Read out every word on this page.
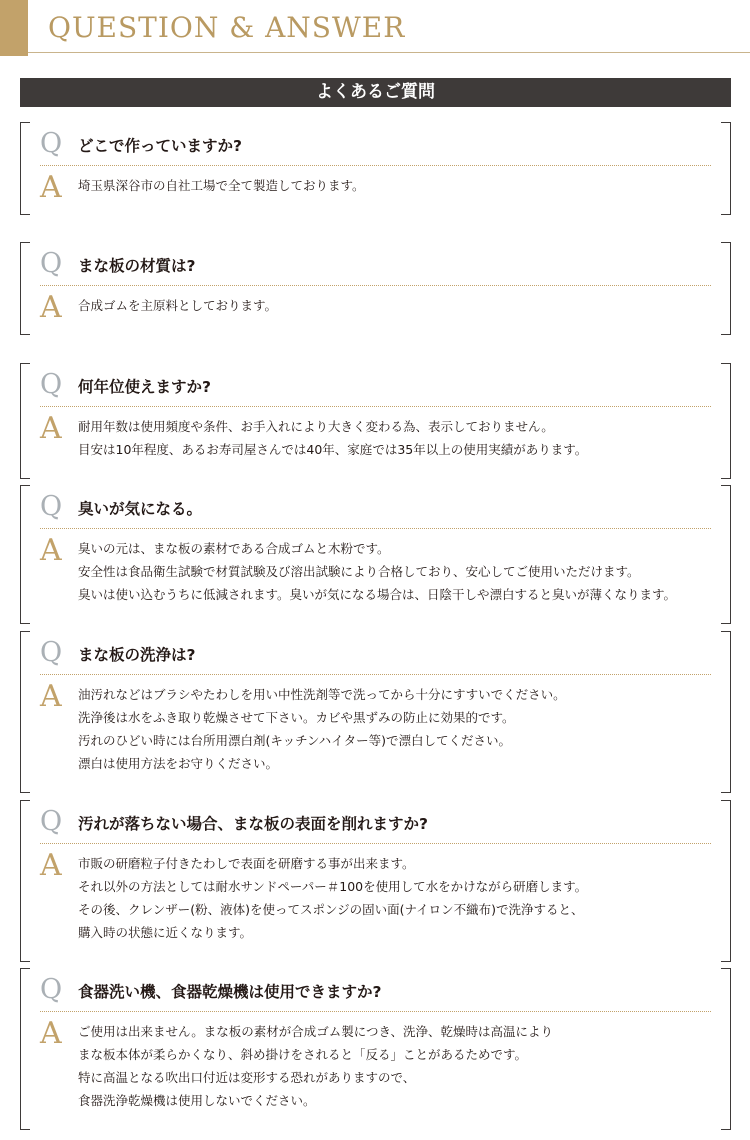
QUESTION & ANSWER
よくあるご質問
Q どこで作っていますか?
A 埼玉県深谷市の自社工場で全て製造しております。
Q まな板の材質は?
A 合成ゴムを主原料としております。
Q 何年位使えますか?
A 耐用年数は使用頻度や条件、お手入れにより大きく変わる為、表示しておりません。
目安は10年程度、あるお寿司屋さんでは40年、家庭では35年以上の使用実績があります。
Q 臭いが気になる。
A 臭いの元は、まな板の素材である合成ゴムと木粉です。
安全性は食品衛生試験で材質試験及び溶出試験により合格しており、安心してご使用いただけます。
臭いは使い込むうちに低減されます。臭いが気になる場合は、日陰干しや漂白すると臭いが薄くなります。
Q まな板の洗浄は?
A 油汚れなどはブラシやたわしを用い中性洗剤等で洗ってから十分にすすいでください。
洗浄後は水をふき取り乾燥させて下さい。カビや黒ずみの防止に効果的です。
汚れのひどい時には台所用漂白剤(キッチンハイター等)で漂白してください。
漂白は使用方法をお守りください。
Q 汚れが落ちない場合、まな板の表面を削れますか?
A 市販の研磨粒子付きたわしで表面を研磨する事が出来ます。
それ以外の方法としては耐水サンドペーパー＃100を使用して水をかけながら研磨します。
その後、クレンザー(粉、液体)を使ってスポンジの固い面(ナイロン不織布)で洗浄すると、
購入時の状態に近くなります。
Q 食器洗い機、食器乾燥機は使用できますか?
A ご使用は出来ません。まな板の素材が合成ゴム製につき、洗浄、乾燥時は高温により
まな板本体が柔らかくなり、斜め掛けをされると「反る」ことがあるためです。
特に高温となる吹出口付近は変形する恐れがありますので、
食器洗浄乾燥機は使用しないでください。
